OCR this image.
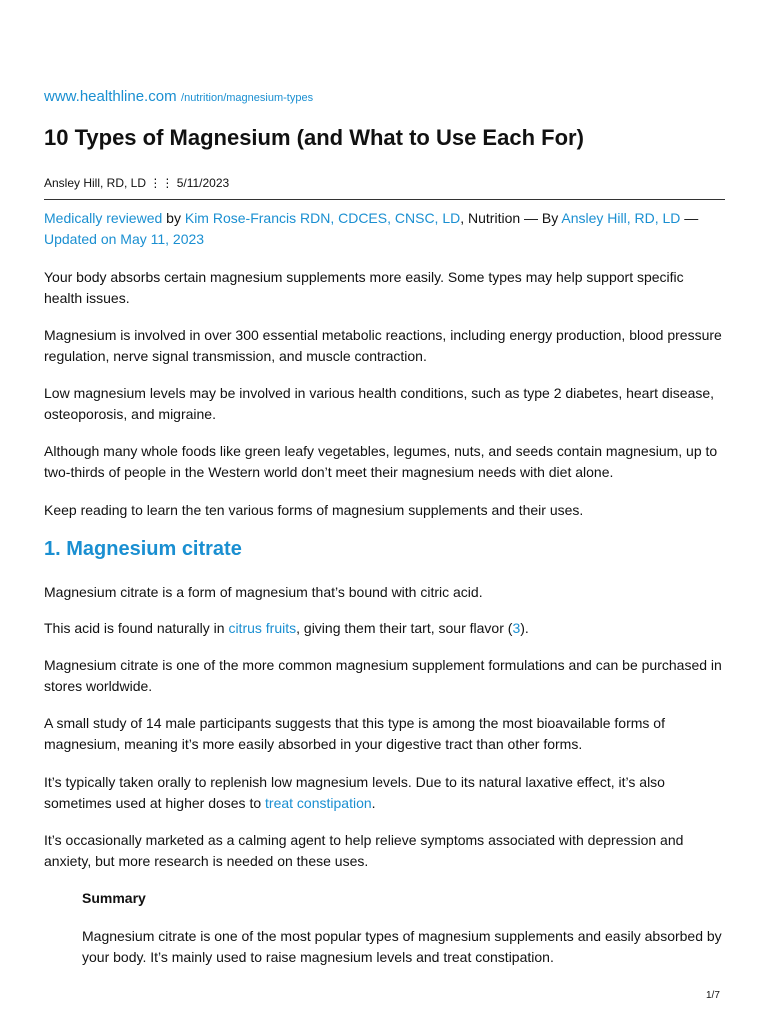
www.healthline.com /nutrition/magnesium-types
10 Types of Magnesium (and What to Use Each For)
Ansley Hill, RD, LD ⋮⋮ 5/11/2023

Medically reviewed by Kim Rose-Francis RDN, CDCES, CNSC, LD, Nutrition — By Ansley Hill, RD, LD —
Updated on May 11, 2023

Your body absorbs certain magnesium supplements more easily. Some types may help support specific health issues.

Magnesium is involved in over 300 essential metabolic reactions, including energy production, blood pressure regulation, nerve signal transmission, and muscle contraction.

Low magnesium levels may be involved in various health conditions, such as type 2 diabetes, heart disease, osteoporosis, and migraine.

Although many whole foods like green leafy vegetables, legumes, nuts, and seeds contain magnesium, up to two-thirds of people in the Western world don’t meet their magnesium needs with diet alone.

Keep reading to learn the ten various forms of magnesium supplements and their uses.

1. Magnesium citrate

Magnesium citrate is a form of magnesium that’s bound with citric acid.

This acid is found naturally in citrus fruits, giving them their tart, sour flavor (3).

Magnesium citrate is one of the more common magnesium supplement formulations and can be purchased in stores worldwide.

A small study of 14 male participants suggests that this type is among the most bioavailable forms of magnesium, meaning it’s more easily absorbed in your digestive tract than other forms.

It’s typically taken orally to replenish low magnesium levels. Due to its natural laxative effect, it’s also sometimes used at higher doses to treat constipation.

It’s occasionally marketed as a calming agent to help relieve symptoms associated with depression and anxiety, but more research is needed on these uses.

Summary

Magnesium citrate is one of the most popular types of magnesium supplements and easily absorbed by your body. It’s mainly used to raise magnesium levels and treat constipation.

1/7
